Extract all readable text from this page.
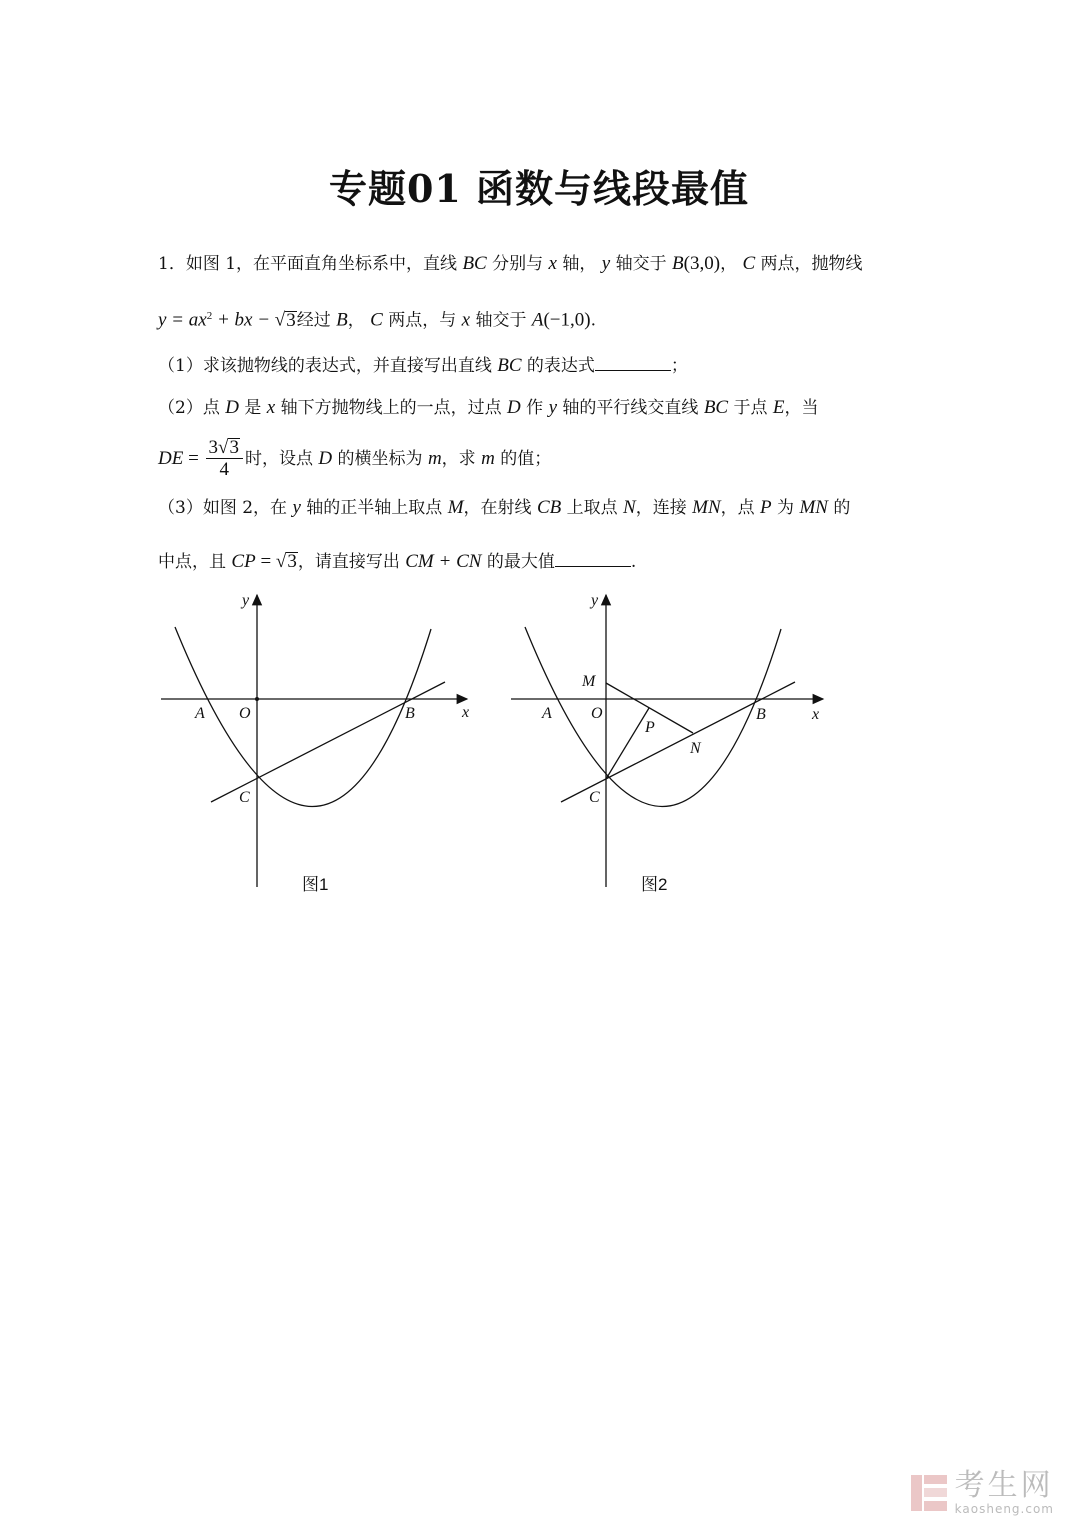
专题01 函数与线段最值
1．如图 1，在平面直角坐标系中，直线 BC 分别与 x 轴， y 轴交于 B(3,0)， C 两点，抛物线
$y = ax^2$ + bx − √3经过 B， C 两点，与 x 轴交于 A(−1,0).
（1）求该抛物线的表达式，并直接写出直线 BC 的表达式	；
（2）点 D 是 x 轴下方抛物线上的一点，过点 D 作 y 轴的平行线交直线 BC 于点 E，当
DE = $\frac{3√3}{4}$ 时，设点 D 的横坐标为 m，求 m 的值；
（3）如图 2，在 y 轴的正半轴上取点 M，在射线 CB 上取点 N，连接 MN，点 P 为 MN 的
中点，且 CP = √3，请直接写出 CM + CN 的最大值	.
y
x
A O	B
C
图1
y
x
M
A O
P
N
B
C
图2
考生网
kaosheng.com
